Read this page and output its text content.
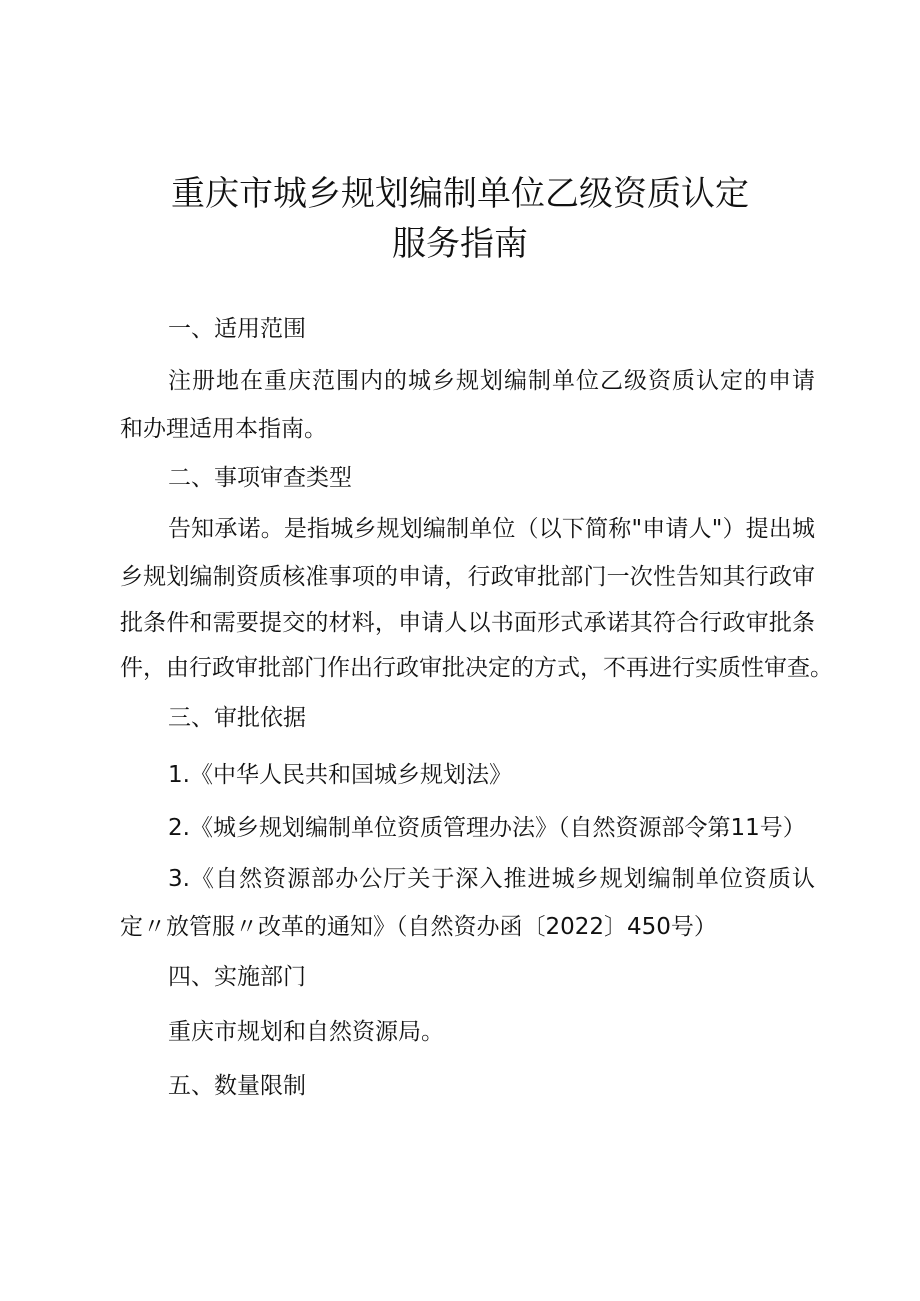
重庆市城乡规划编制单位乙级资质认定
服务指南
一、适用范围
注册地在重庆范围内的城乡规划编制单位乙级资质认定的申请
和办理适用本指南。
二、事项审查类型
告知承诺。是指城乡规划编制单位（以下简称"申请人"）提出城
乡规划编制资质核准事项的申请，行政审批部门一次性告知其行政审
批条件和需要提交的材料，申请人以书面形式承诺其符合行政审批条
件，由行政审批部门作出行政审批决定的方式，不再进行实质性审查。
三、审批依据
1.《中华人民共和国城乡规划法》
2.《城乡规划编制单位资质管理办法》（自然资源部令第11号）
3.《自然资源部办公厅关于深入推进城乡规划编制单位资质认
定〃放管服〃改革的通知》（自然资办函〔2022〕450号）
四、实施部门
重庆市规划和自然资源局。
五、数量限制
